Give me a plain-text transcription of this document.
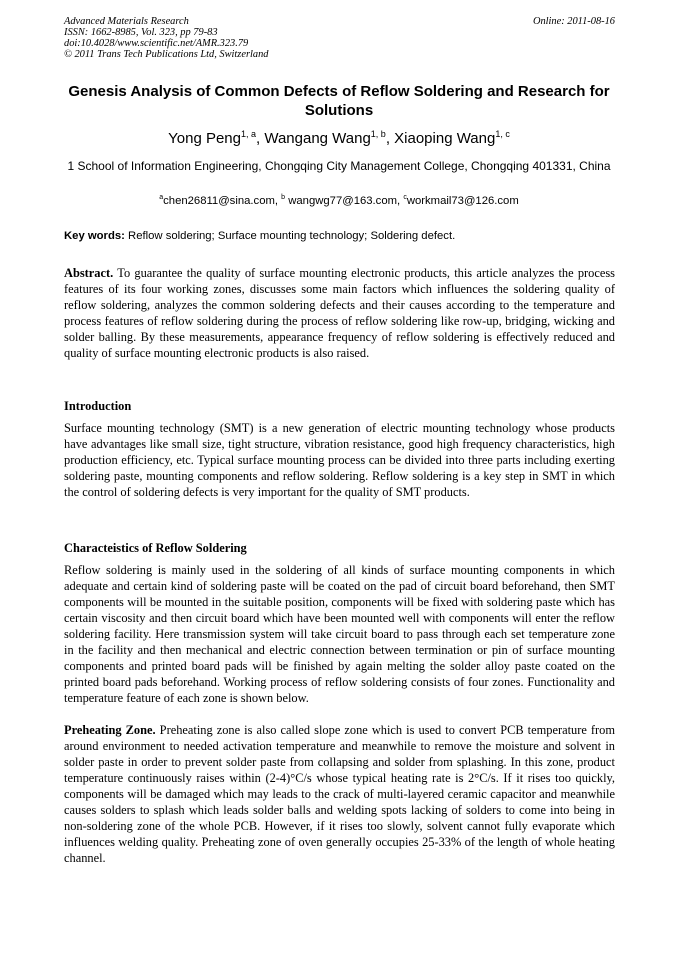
Advanced Materials Research
ISSN: 1662-8985, Vol. 323, pp 79-83
doi:10.4028/www.scientific.net/AMR.323.79
© 2011 Trans Tech Publications Ltd, Switzerland
Online: 2011-08-16
Genesis Analysis of Common Defects of Reflow Soldering and Research for Solutions
Yong Peng$^{1, a}$, Wangang Wang$^{1, b}$, Xiaoping Wang$^{1, c}$
1 School of Information Engineering, Chongqing City Management College, Chongqing 401331, China
$^a$chen26811@sina.com, $^b$ wangwg77@163.com, $^c$workmail73@126.com
Key words: Reflow soldering; Surface mounting technology; Soldering defect.

Abstract. To guarantee the quality of surface mounting electronic products, this article analyzes the process features of its four working zones, discusses some main factors which influences the soldering quality of reflow soldering, analyzes the common soldering defects and their causes according to the temperature and process features of reflow soldering during the process of reflow soldering like row-up, bridging, wicking and solder balling. By these measurements, appearance frequency of reflow soldering is effectively reduced and quality of surface mounting electronic products is also raised.

Introduction

Surface mounting technology (SMT) is a new generation of electric mounting technology whose products have advantages like small size, tight structure, vibration resistance, good high frequency characteristics, high production efficiency, etc. Typical surface mounting process can be divided into three parts including exerting soldering paste, mounting components and reflow soldering. Reflow soldering is a key step in SMT in which the control of soldering defects is very important for the quality of SMT products.

Characteistics of Reflow Soldering

Reflow soldering is mainly used in the soldering of all kinds of surface mounting components in which adequate and certain kind of soldering paste will be coated on the pad of circuit board beforehand, then SMT components will be mounted in the suitable position, components will be fixed with soldering paste which has certain viscosity and then circuit board which have been mounted well with components will enter the reflow soldering facility. Here transmission system will take circuit board to pass through each set temperature zone in the facility and then mechanical and electric connection between termination or pin of surface mounting components and printed board pads will be finished by again melting the solder alloy paste coated on the printed board pads beforehand. Working process of reflow soldering consists of four zones. Functionality and temperature feature of each zone is shown below.

Preheating Zone. Preheating zone is also called slope zone which is used to convert PCB temperature from around environment to needed activation temperature and meanwhile to remove the moisture and solvent in solder paste in order to prevent solder paste from collapsing and solder from splashing. In this zone, product temperature continuously raises within (2-4)°C/s whose typical heating rate is 2°C/s. If it rises too quickly, components will be damaged which may leads to the crack of multi-layered ceramic capacitor and meanwhile causes solders to splash which leads solder balls and welding spots lacking of solders to come into being in non-soldering zone of the whole PCB. However, if it rises too slowly, solvent cannot fully evaporate which influences welding quality. Preheating zone of oven generally occupies 25-33% of the length of whole heating channel.
